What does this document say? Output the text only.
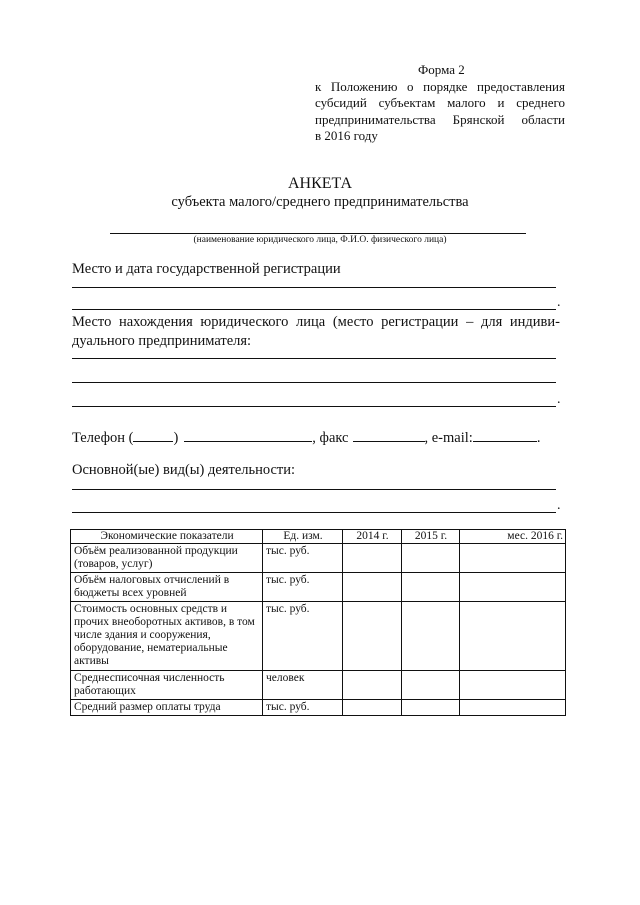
Форма 2
к Положению о порядке предоставления
субсидий субъектам малого и среднего
предпринимательства Брянской области
в 2016 году
АНКЕТА
субъекта малого/среднего предпринимательства
(наименование юридического лица, Ф.И.О. физического лица)
Место и дата государственной регистрации
.
Место нахождения юридического лица (место регистрации – для индиви-
дуального предпринимателя:
.
Телефон (	)	, факс	, e-mail:	.
Основной(ые) вид(ы) деятельности:
.
Экономические показатели	Ед. изм.	2014 г.	2015 г.	мес. 2016 г.
Объём реализованной продукции (товаров, услуг)	тыс. руб.			
Объём налоговых отчислений в бюджеты всех уровней	тыс. руб.			
Стоимость основных средств и прочих внеоборотных активов, в том числе здания и сооружения, оборудование, нематериальные активы	тыс. руб.			
Среднесписочная численность работающих	человек			
Средний размер оплаты труда	тыс. руб.			
